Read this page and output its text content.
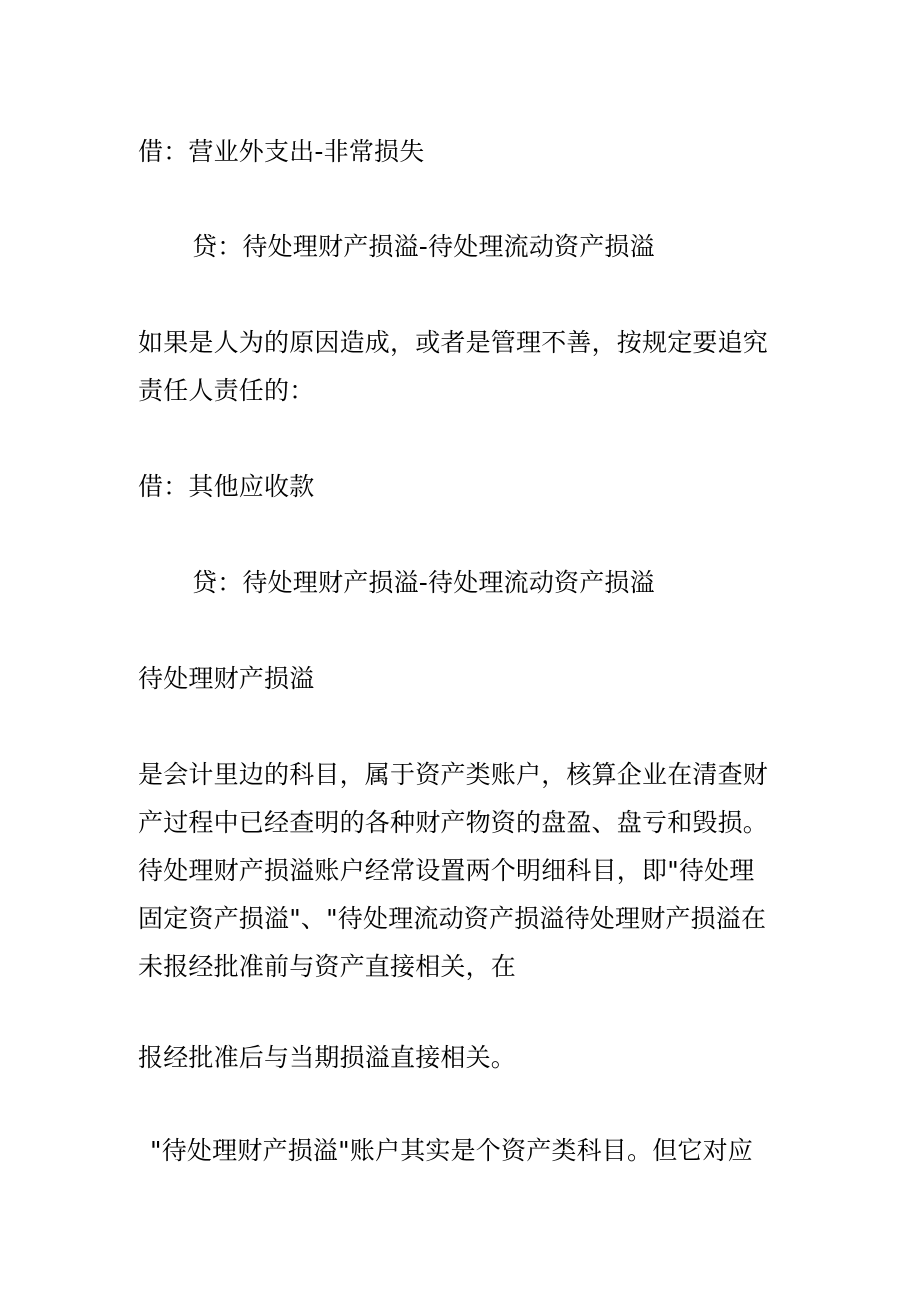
借：营业外支出-非常损失
贷：待处理财产损溢-待处理流动资产损溢
如果是人为的原因造成，或者是管理不善，按规定要追究
责任人责任的：
借：其他应收款
贷：待处理财产损溢-待处理流动资产损溢
待处理财产损溢
是会计里边的科目，属于资产类账户，核算企业在清查财
产过程中已经查明的各种财产物资的盘盈、盘亏和毁损。
待处理财产损溢账户经常设置两个明细科目，即"待处理
固定资产损溢"、"待处理流动资产损溢待处理财产损溢在
未报经批准前与资产直接相关，在
报经批准后与当期损溢直接相关。
"待处理财产损溢"账户其实是个资产类科目。但它对应
